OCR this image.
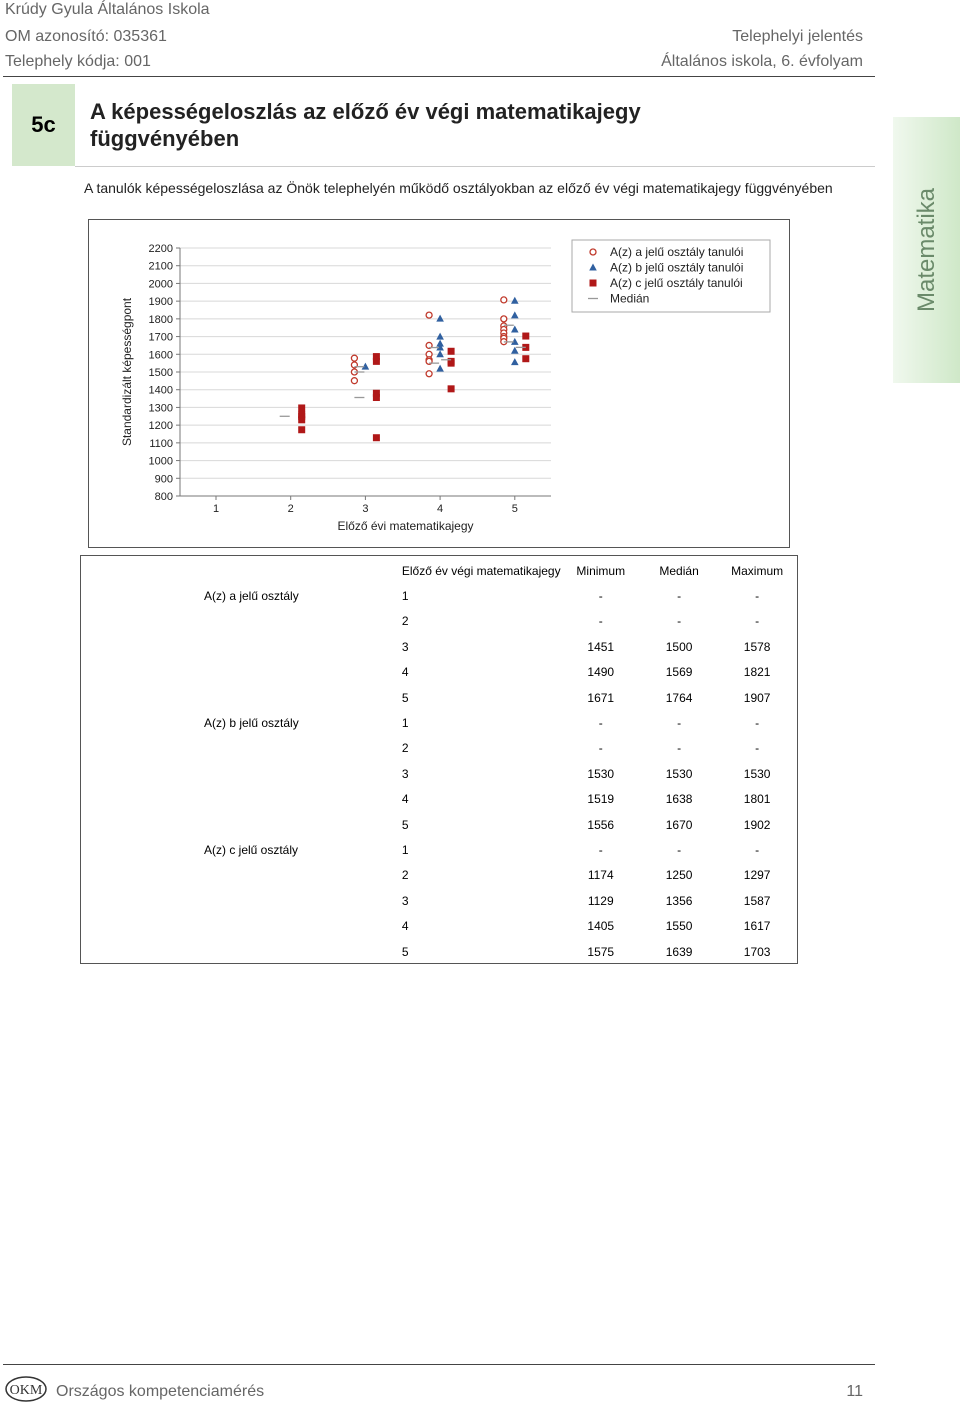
Krúdy Gyula Általános Iskola
OM azonosító: 035361
Telephely kódja: 001
Telephelyi jelentés
Általános iskola, 6. évfolyam
5c
A képességeloszlás az előző év végi matematikajegy függvényében
A tanulók képességeloszlása az Önök telephelyén működő osztályokban az előző év végi matematikajegy függvényében	Matematika
2200
2100
2000
1900
1800
1700
1600
1500
1400
1300
1200
1100
1000
900
800
1	2	3	4	5
Előző évi matematikajegy
Standardizált képességpont
A(z) a jelű osztály tanulói
A(z) b jelű osztály tanulói
A(z) c jelű osztály tanulói
Medián
	Előző év végi matematikajegy	Minimum	Medián	Maximum
A(z) a jelű osztály	1	-	-	-
	2	-	-	-
	3	1451	1500	1578
	4	1490	1569	1821
	5	1671	1764	1907
A(z) b jelű osztály	1	-	-	-
	2	-	-	-
	3	1530	1530	1530
	4	1519	1638	1801
	5	1556	1670	1902
A(z) c jelű osztály	1	-	-	-
	2	1174	1250	1297
	3	1129	1356	1587
	4	1405	1550	1617
	5	1575	1639	1703
OKM Országos kompetenciamérés	11
